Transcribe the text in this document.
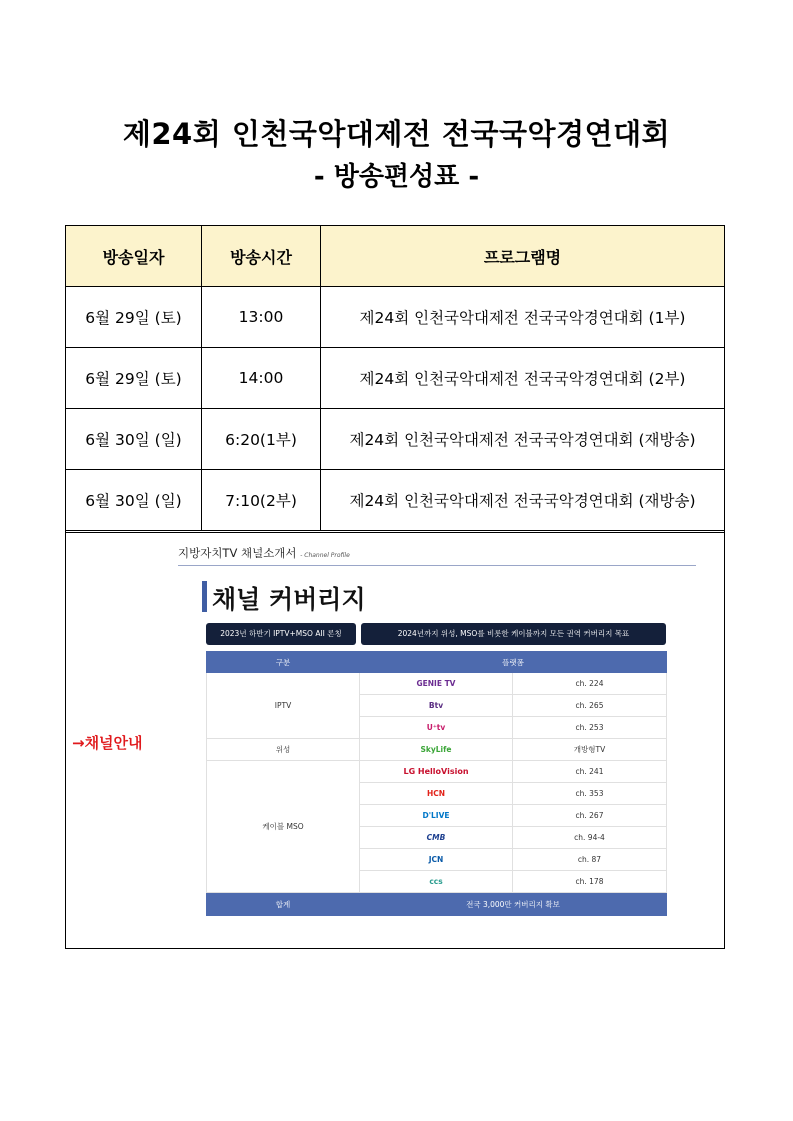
제24회 인천국악대제전 전국국악경연대회
- 방송편성표 -
방송일자	방송시간	프로그램명
6월 29일 (토)	13:00	제24회 인천국악대제전 전국국악경연대회 (1부)
6월 29일 (토)	14:00	제24회 인천국악대제전 전국국악경연대회 (2부)
6월 30일 (일)	6:20(1부)	제24회 인천국악대제전 전국국악경연대회 (재방송)
6월 30일 (일)	7:10(2부)	제24회 인천국악대제전 전국국악경연대회 (재방송)
→채널안내
지방자치TV 채널소개서 - Channel Profile
채널 커버리지
2023년 하반기 IPTV+MSO AII 론칭	2024년까지 위성, MSO를 비롯한 케이블까지 모든 권역 커버리지 목표
구분	플랫폼	
IPTV	GENIE TV	ch. 224
	Btv	ch. 265
	U⁺tv	ch. 253
위성	SkyLife	개방형TV
케이블 MSO	LG HelloVision	ch. 241
	HCN	ch. 353
	D'LIVE	ch. 267
	CMB	ch. 94-4
	JCN	ch. 87
	ccs	ch. 178
합계	전국 3,000만 커버리지 확보	
